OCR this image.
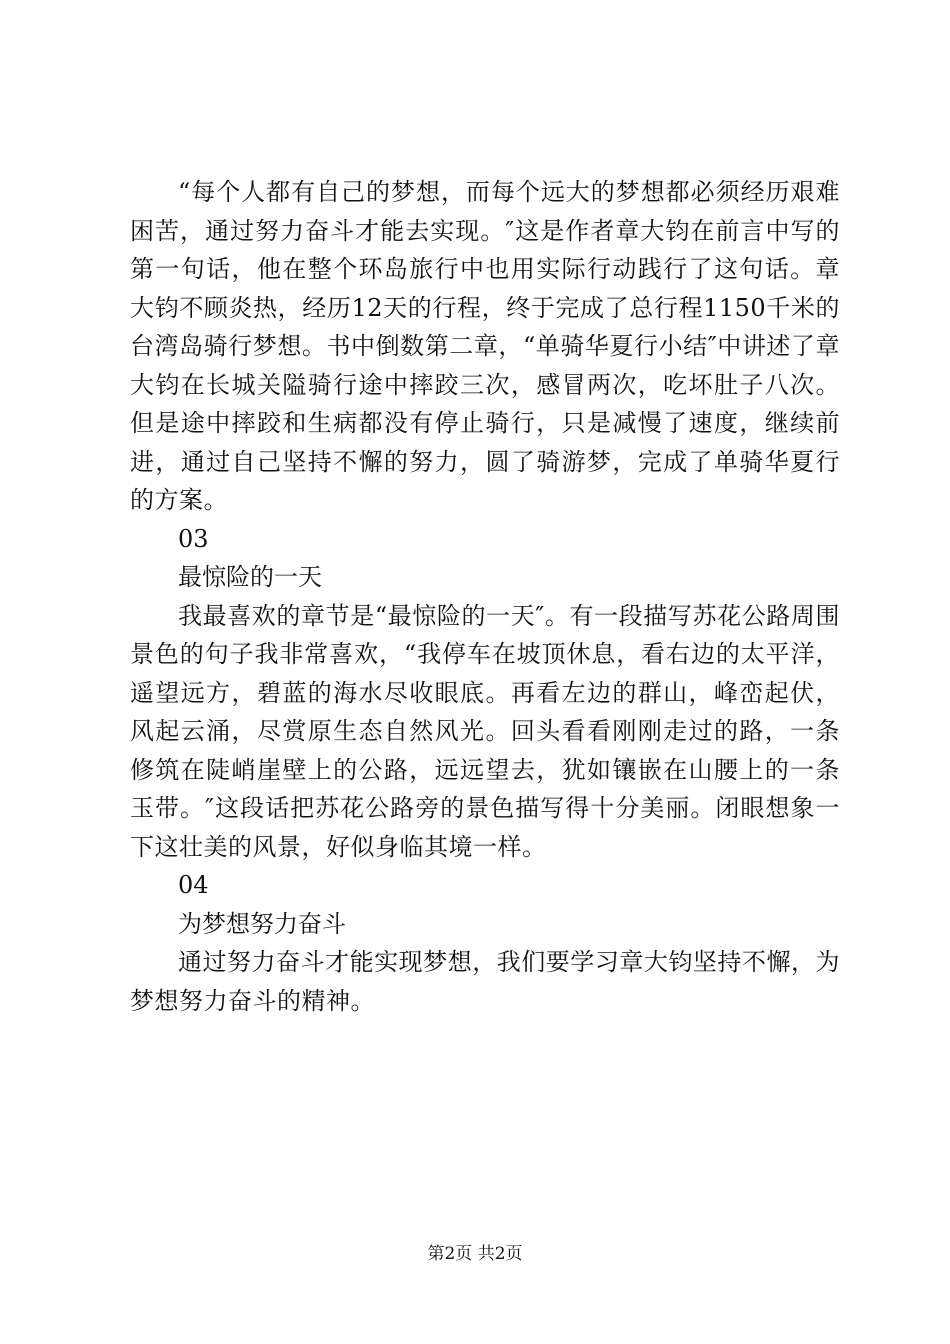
“每个人都有自己的梦想，而每个远大的梦想都必须经历艰难困苦，通过努力奋斗才能去实现。″这是作者章大钧在前言中写的第一句话，他在整个环岛旅行中也用实际行动践行了这句话。章大钧不顾炎热，经历12天的行程，终于完成了总行程1150千米的台湾岛骑行梦想。书中倒数第二章，“单骑华夏行小结″中讲述了章大钧在长城关隘骑行途中摔跤三次，感冒两次，吃坏肚子八次。但是途中摔跤和生病都没有停止骑行，只是减慢了速度，继续前进，通过自己坚持不懈的努力，圆了骑游梦，完成了单骑华夏行的方案。

03

最惊险的一天

我最喜欢的章节是“最惊险的一天″。有一段描写苏花公路周围景色的句子我非常喜欢，“我停车在坡顶休息，看右边的太平洋，遥望远方，碧蓝的海水尽收眼底。再看左边的群山，峰峦起伏，风起云涌，尽赏原生态自然风光。回头看看刚刚走过的路，一条修筑在陡峭崖壁上的公路，远远望去，犹如镶嵌在山腰上的一条玉带。″这段话把苏花公路旁的景色描写得十分美丽。闭眼想象一下这壮美的风景，好似身临其境一样。

04

为梦想努力奋斗

通过努力奋斗才能实现梦想，我们要学习章大钧坚持不懈，为梦想努力奋斗的精神。

第2页 共2页
